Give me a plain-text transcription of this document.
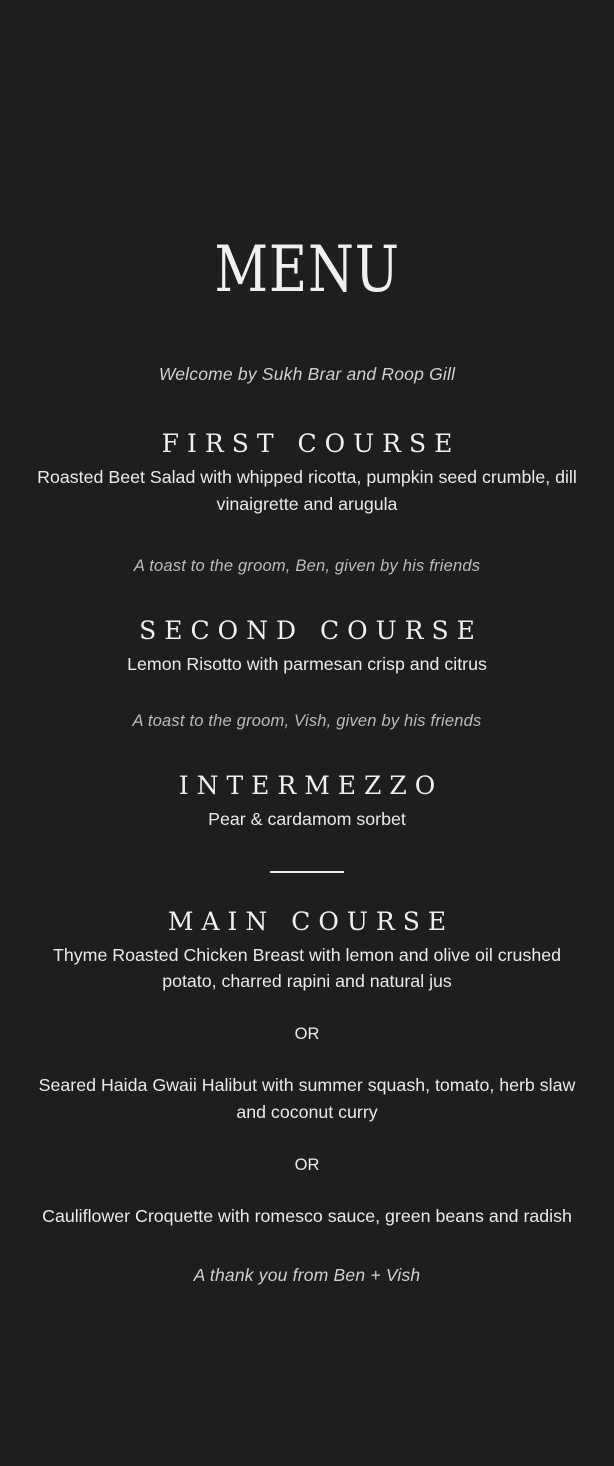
MENU
Welcome by Sukh Brar and Roop Gill
FIRST COURSE
Roasted Beet Salad with whipped ricotta, pumpkin seed crumble, dill vinaigrette and arugula
A toast to the groom, Ben, given by his friends
SECOND COURSE
Lemon Risotto with parmesan crisp and citrus
A toast to the groom, Vish, given by his friends
INTERMEZZO
Pear & cardamom sorbet
MAIN COURSE
Thyme Roasted Chicken Breast with lemon and olive oil crushed potato, charred rapini and natural jus
OR
Seared Haida Gwaii Halibut with summer squash, tomato, herb slaw and coconut curry
OR
Cauliflower Croquette with romesco sauce, green beans and radish
A thank you from Ben + Vish
